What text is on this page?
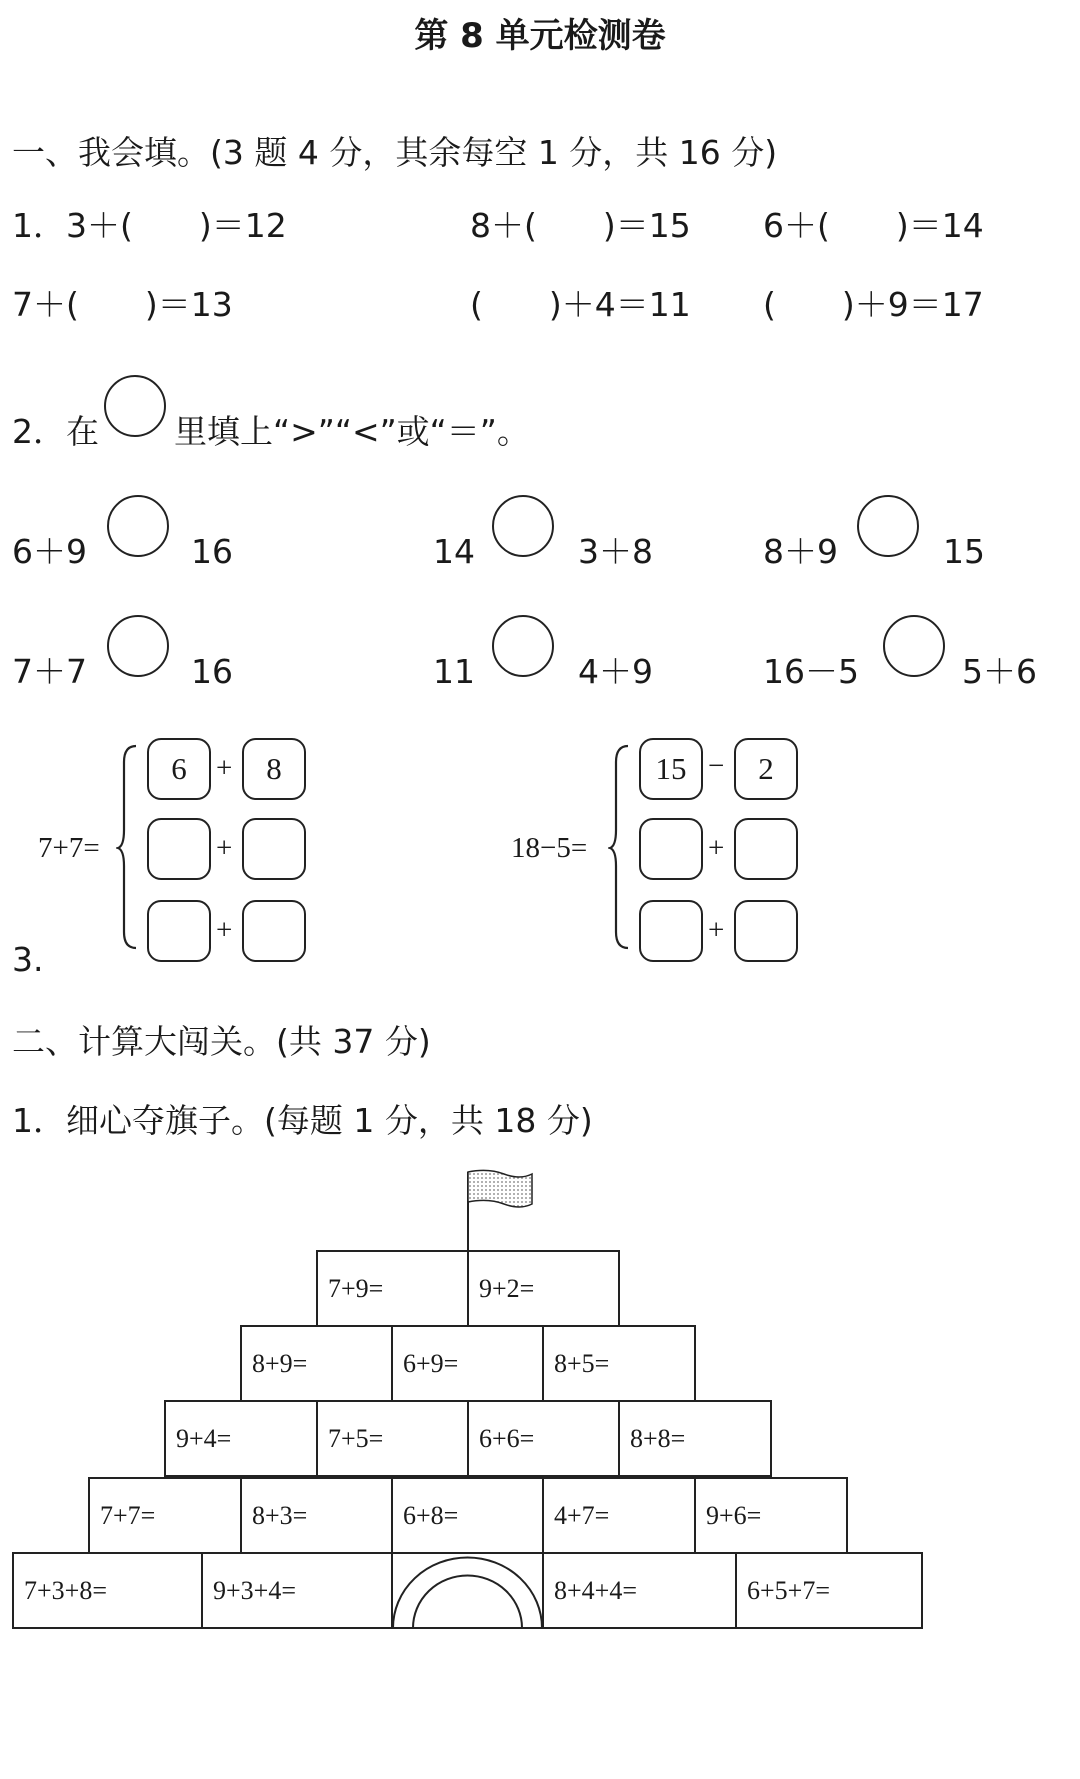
第 8 单元检测卷
一、我会填。(3 题 4 分，其余每空 1 分，共 16 分)
1．3＋(　　)＝12	8＋(　　)＝15 6＋(　　)＝14
7＋(　　)＝13	(　　)＋4＝11 (　　)＋9＝17
2．在 里填上“>”“<”或“＝”。
6＋9	16	14	3＋8	8＋9	15
7＋7	16	11	4＋9	16－5	5＋6
3.
7+7=
6	+	8
+
+
18−5=
15 −	2
+
+
二、计算大闯关。(共 37 分)
1．细心夺旗子。(每题 1 分，共 18 分)
7+9=	9+2=
8+9=	6+9=	8+5=
9+4=	7+5=	6+6=	8+8=
7+7=	8+3=	6+8=	4+7=	9+6=
7+3+8=	9+3+4=	8+4+4=	6+5+7=
